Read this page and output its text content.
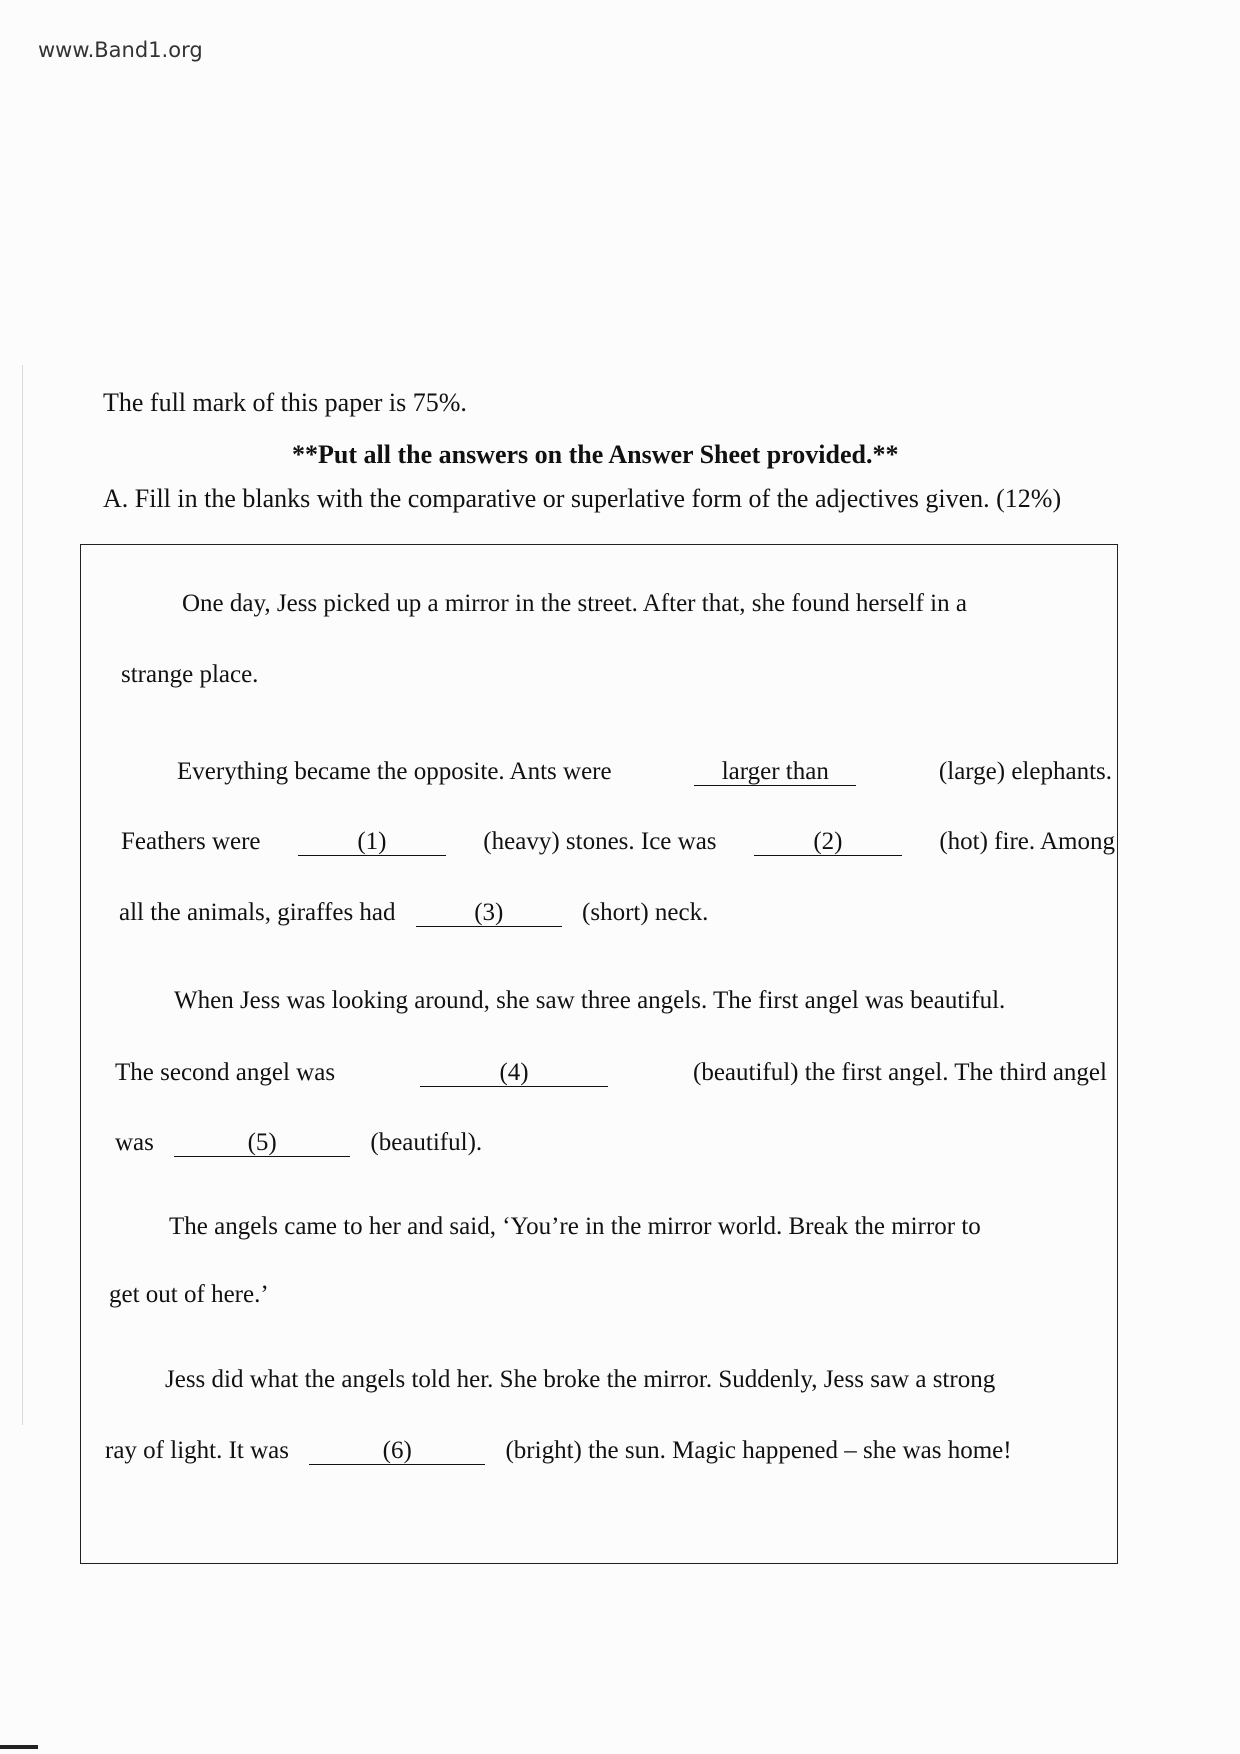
www.Band1.org
The full mark of this paper is 75%.
**Put all the answers on the Answer Sheet provided.**
A. Fill in the blanks with the comparative or superlative form of the adjectives given. (12%)
One day, Jess picked up a mirror in the street. After that, she found herself in a
strange place.
Everything became the opposite. Ants were	larger than	(large) elephants.
Feathers were	(1)	(heavy) stones. Ice was	(2)	(hot) fire. Among
all the animals, giraffes had	(3)	(short) neck.
When Jess was looking around, she saw three angels. The first angel was beautiful.
The second angel was	(4)	(beautiful) the first angel. The third angel
was	(5)	(beautiful).
The angels came to her and said, ‘You’re in the mirror world. Break the mirror to
get out of here.’
Jess did what the angels told her. She broke the mirror. Suddenly, Jess saw a strong
ray of light. It was	(6)	(bright) the sun. Magic happened – she was home!
